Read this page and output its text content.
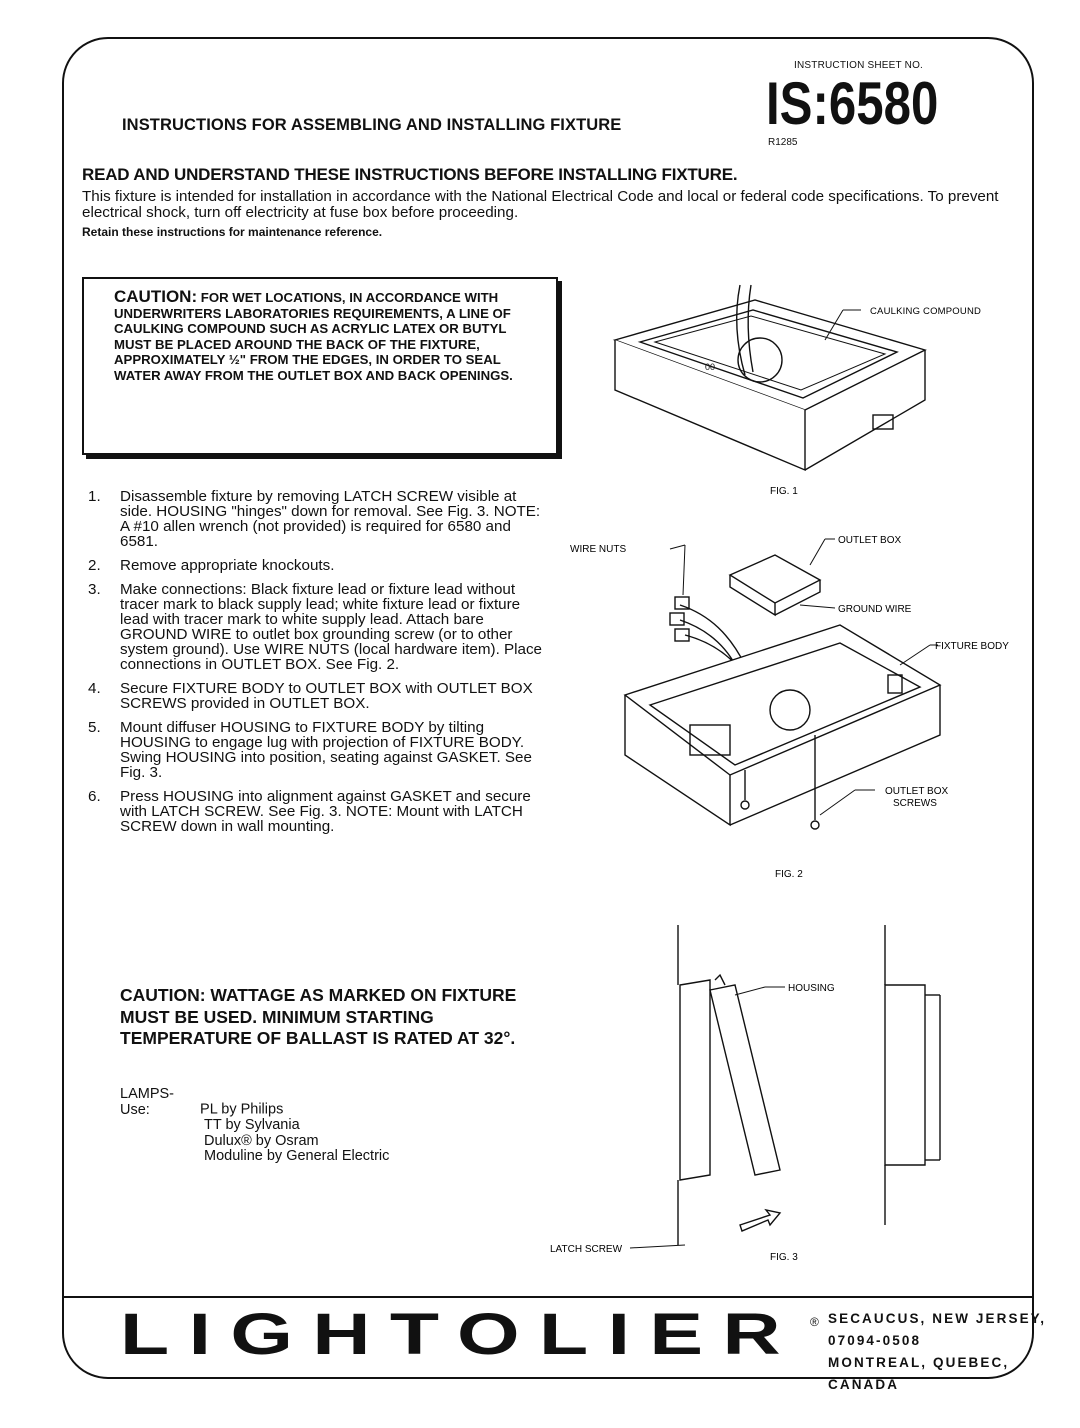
INSTRUCTION SHEET NO.
IS:6580
R1285
INSTRUCTIONS FOR ASSEMBLING AND INSTALLING FIXTURE
READ AND UNDERSTAND THESE INSTRUCTIONS BEFORE INSTALLING FIXTURE.
This fixture is intended for installation in accordance with the National Electrical Code and local or federal code specifications. To prevent electrical shock, turn off electricity at fuse box before proceeding.
Retain these instructions for maintenance reference.
CAUTION: FOR WET LOCATIONS, IN ACCORDANCE WITH UNDERWRITERS LABORATORIES REQUIREMENTS, A LINE OF CAULKING COMPOUND SUCH AS ACRYLIC LATEX OR BUTYL MUST BE PLACED AROUND THE BACK OF THE FIXTURE, APPROXIMATELY ½" FROM THE EDGES, IN ORDER TO SEAL WATER AWAY FROM THE OUTLET BOX AND BACK OPENINGS.
1.	Disassemble fixture by removing LATCH SCREW visible at side. HOUSING "hinges" down for removal. See Fig. 3. NOTE: A #10 allen wrench (not provided) is required for 6580 and 6581.
2.	Remove appropriate knockouts.
3.	Make connections: Black fixture lead or fixture lead without tracer mark to black supply lead; white fixture lead or fixture lead with tracer mark to white supply lead. Attach bare GROUND WIRE to outlet box grounding screw (or to other system ground). Use WIRE NUTS (local hardware item). Place connections in OUTLET BOX. See Fig. 2.
4.	Secure FIXTURE BODY to OUTLET BOX with OUTLET BOX SCREWS provided in OUTLET BOX.
5.	Mount diffuser HOUSING to FIXTURE BODY by tilting HOUSING to engage lug with projection of FIXTURE BODY. Swing HOUSING into position, seating against GASKET. See Fig. 3.
6.	Press HOUSING into alignment against GASKET and secure with LATCH SCREW. See Fig. 3. NOTE: Mount with LATCH SCREW down in wall mounting.
CAUTION: WATTAGE AS MARKED ON FIXTURE MUST BE USED. MINIMUM STARTING TEMPERATURE OF BALLAST IS RATED AT 32°.
LAMPS-Use:	PL by Philips
TT by Sylvania
Dulux® by Osram
Moduline by General Electric
00
CAULKING COMPOUND
FIG. 1
WIRE NUTS
OUTLET BOX
GROUND WIRE
FIXTURE BODY
OUTLET BOX
SCREWS
FIG. 2
HOUSING
LATCH SCREW
FIG. 3
LIGHTOLIER ® SECAUCUS, NEW JERSEY, 07094-0508
MONTREAL, QUEBEC, CANADA
